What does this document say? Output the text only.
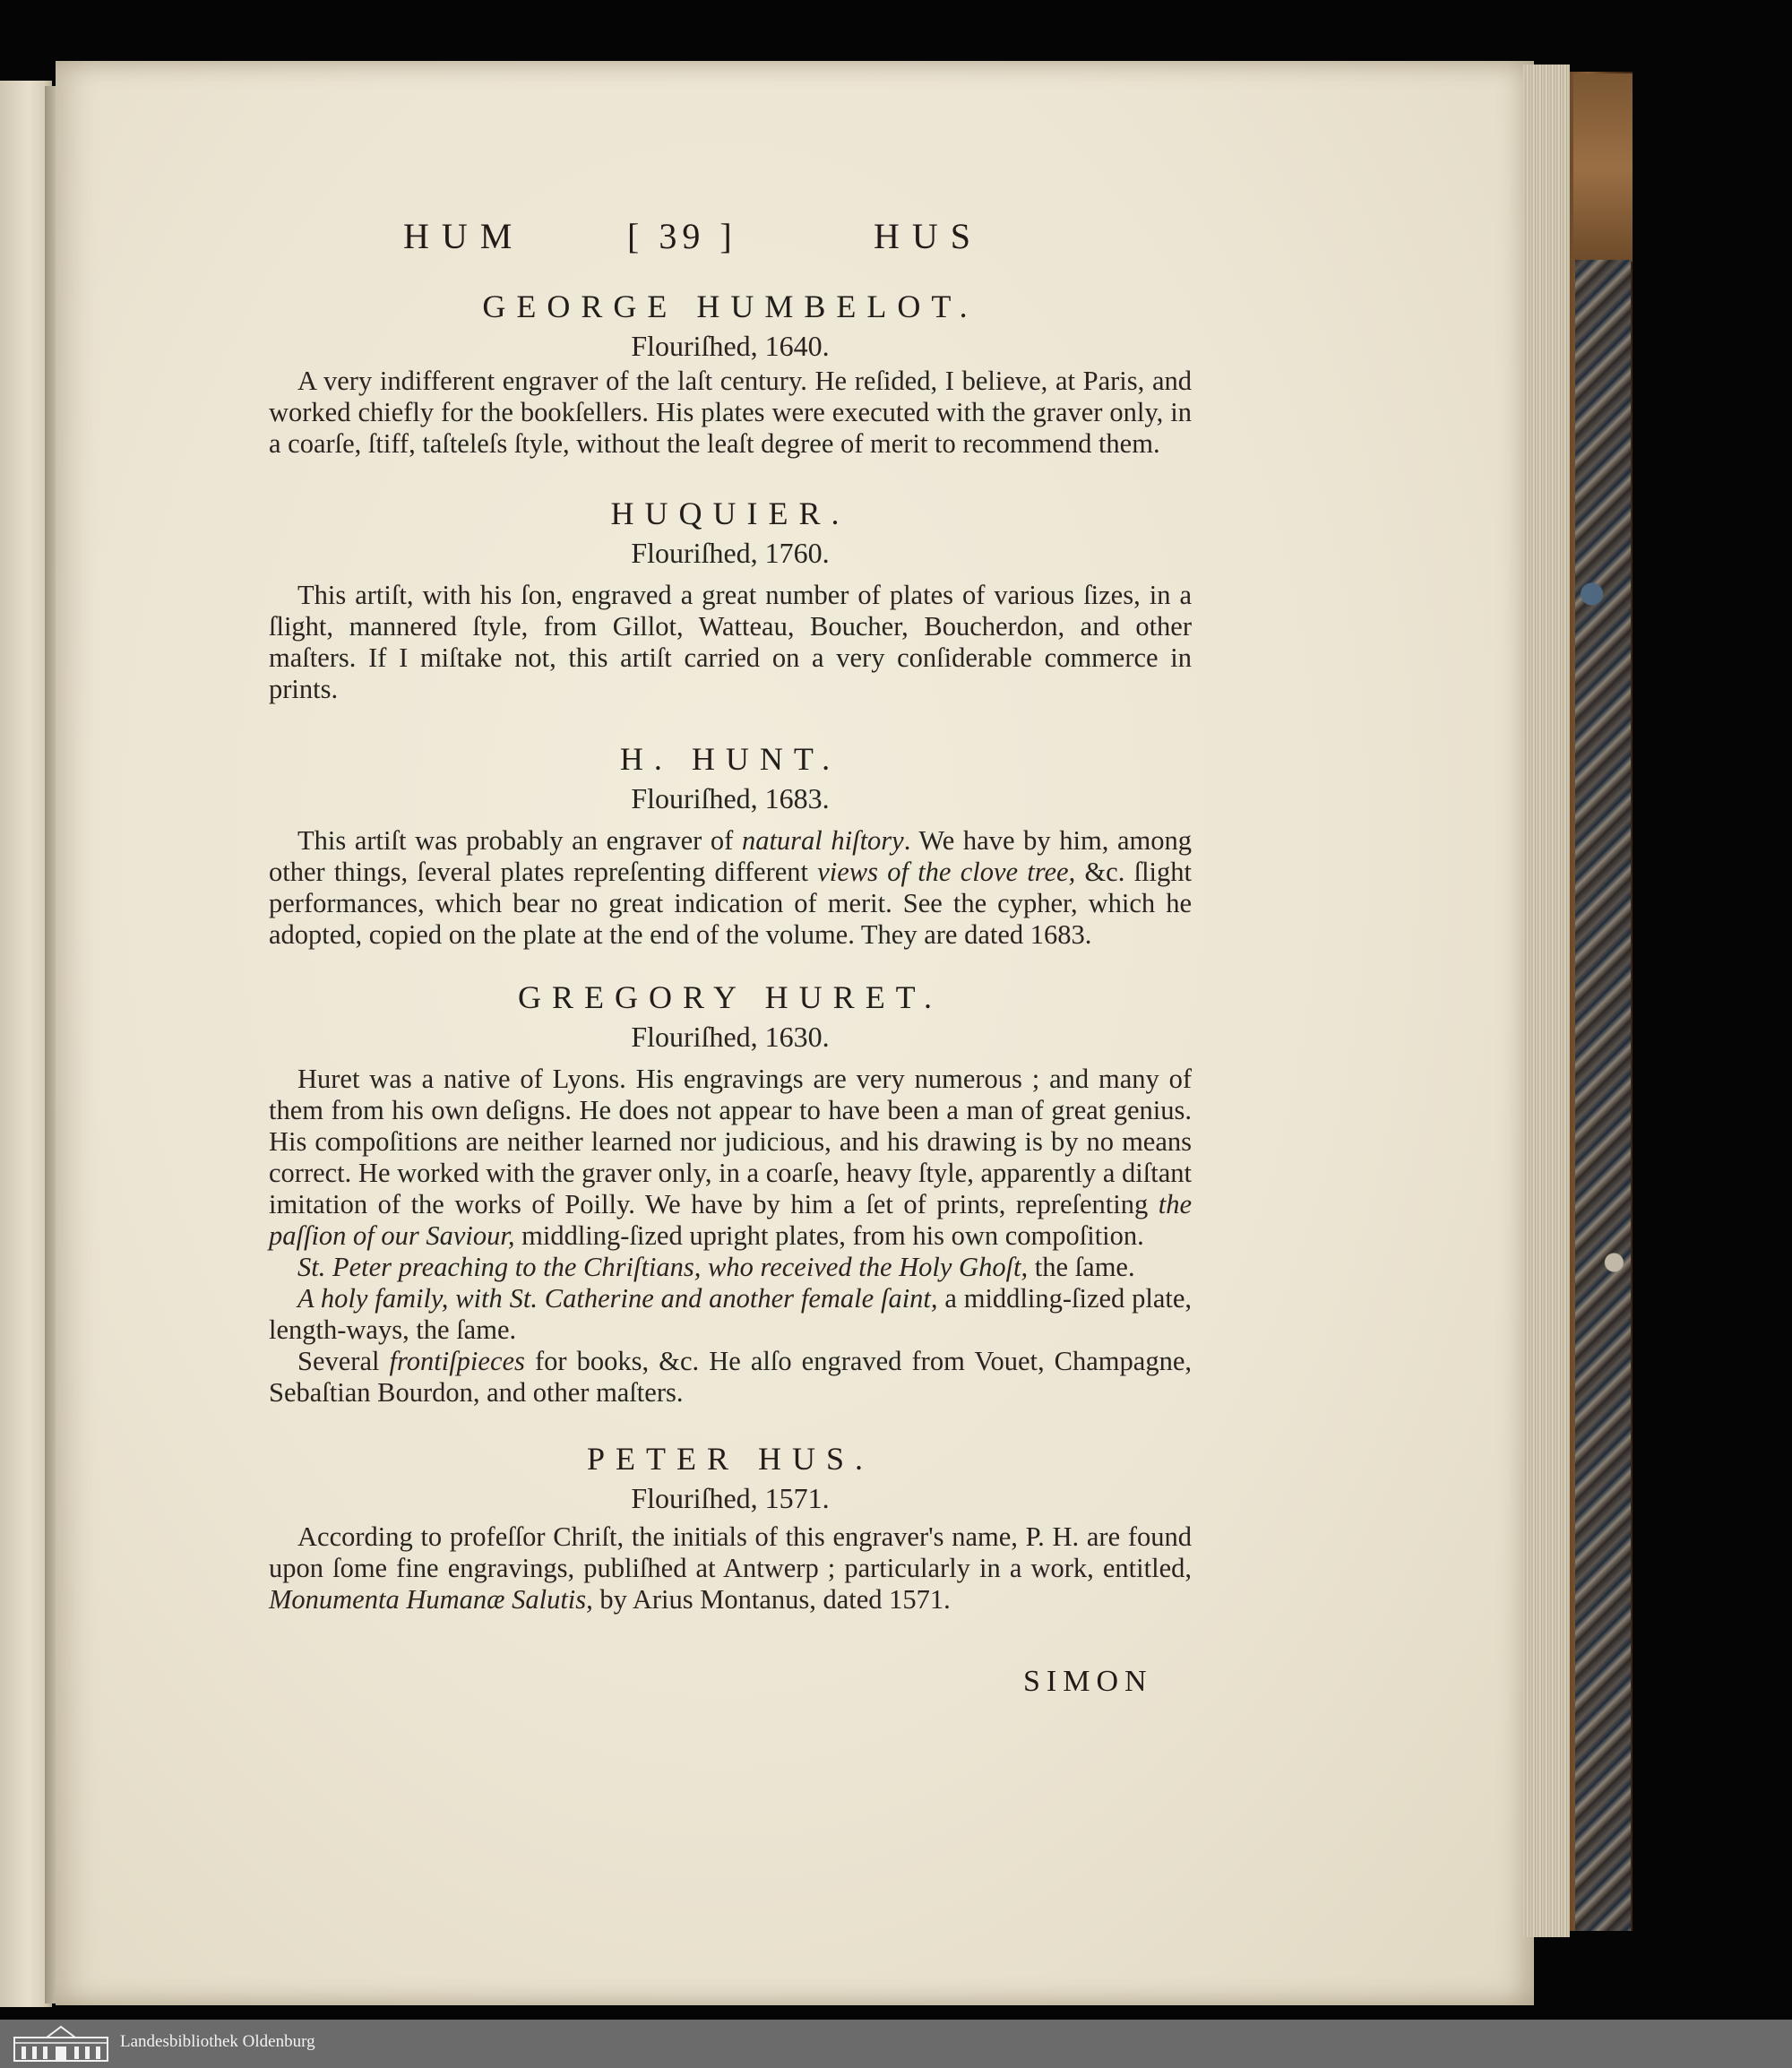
HUM	[ 39 ]	HUS

GEORGE HUMBELOT.

Flouriſhed, 1640.

A very indifferent engraver of the laſt century. He reſided, I believe, at Paris, and worked chiefly for the bookſellers. His plates were executed with the graver only, in a coarſe, ſtiff, taſteleſs ſtyle, without the leaſt degree of merit to recommend them.

HUQUIER.

Flouriſhed, 1760.

This artiſt, with his ſon, engraved a great number of plates of various ſizes, in a ſlight, mannered ſtyle, from Gillot, Watteau, Boucher, Boucherdon, and other maſters. If I miſtake not, this artiſt carried on a very conſiderable commerce in prints.

H. HUNT.

Flouriſhed, 1683.

This artiſt was probably an engraver of natural hiſtory. We have by him, among other things, ſeveral plates repreſenting different views of the clove tree, &c. ſlight performances, which bear no great indication of merit. See the cypher, which he adopted, copied on the plate at the end of the volume. They are dated 1683.

GREGORY HURET.

Flouriſhed, 1630.

Huret was a native of Lyons. His engravings are very numerous ; and many of them from his own deſigns. He does not appear to have been a man of great genius. His compoſitions are neither learned nor judicious, and his drawing is by no means correct. He worked with the graver only, in a coarſe, heavy ſtyle, apparently a diſtant imitation of the works of Poilly. We have by him a ſet of prints, repreſenting the paſſion of our Saviour, middling-ſized upright plates, from his own compoſition.

St. Peter preaching to the Chriſtians, who received the Holy Ghoſt, the ſame.

A holy family, with St. Catherine and another female ſaint, a middling-ſized plate, length-ways, the ſame.

Several frontiſpieces for books, &c. He alſo engraved from Vouet, Champagne, Sebaſtian Bourdon, and other maſters.

PETER HUS.

Flouriſhed, 1571.

According to profeſſor Chriſt, the initials of this engraver's name, P. H. are found upon ſome fine engravings, publiſhed at Antwerp ; particularly in a work, entitled, Monumenta Humanæ Salutis, by Arius Montanus, dated 1571.

SIMON
Landesbibliothek Oldenburg
